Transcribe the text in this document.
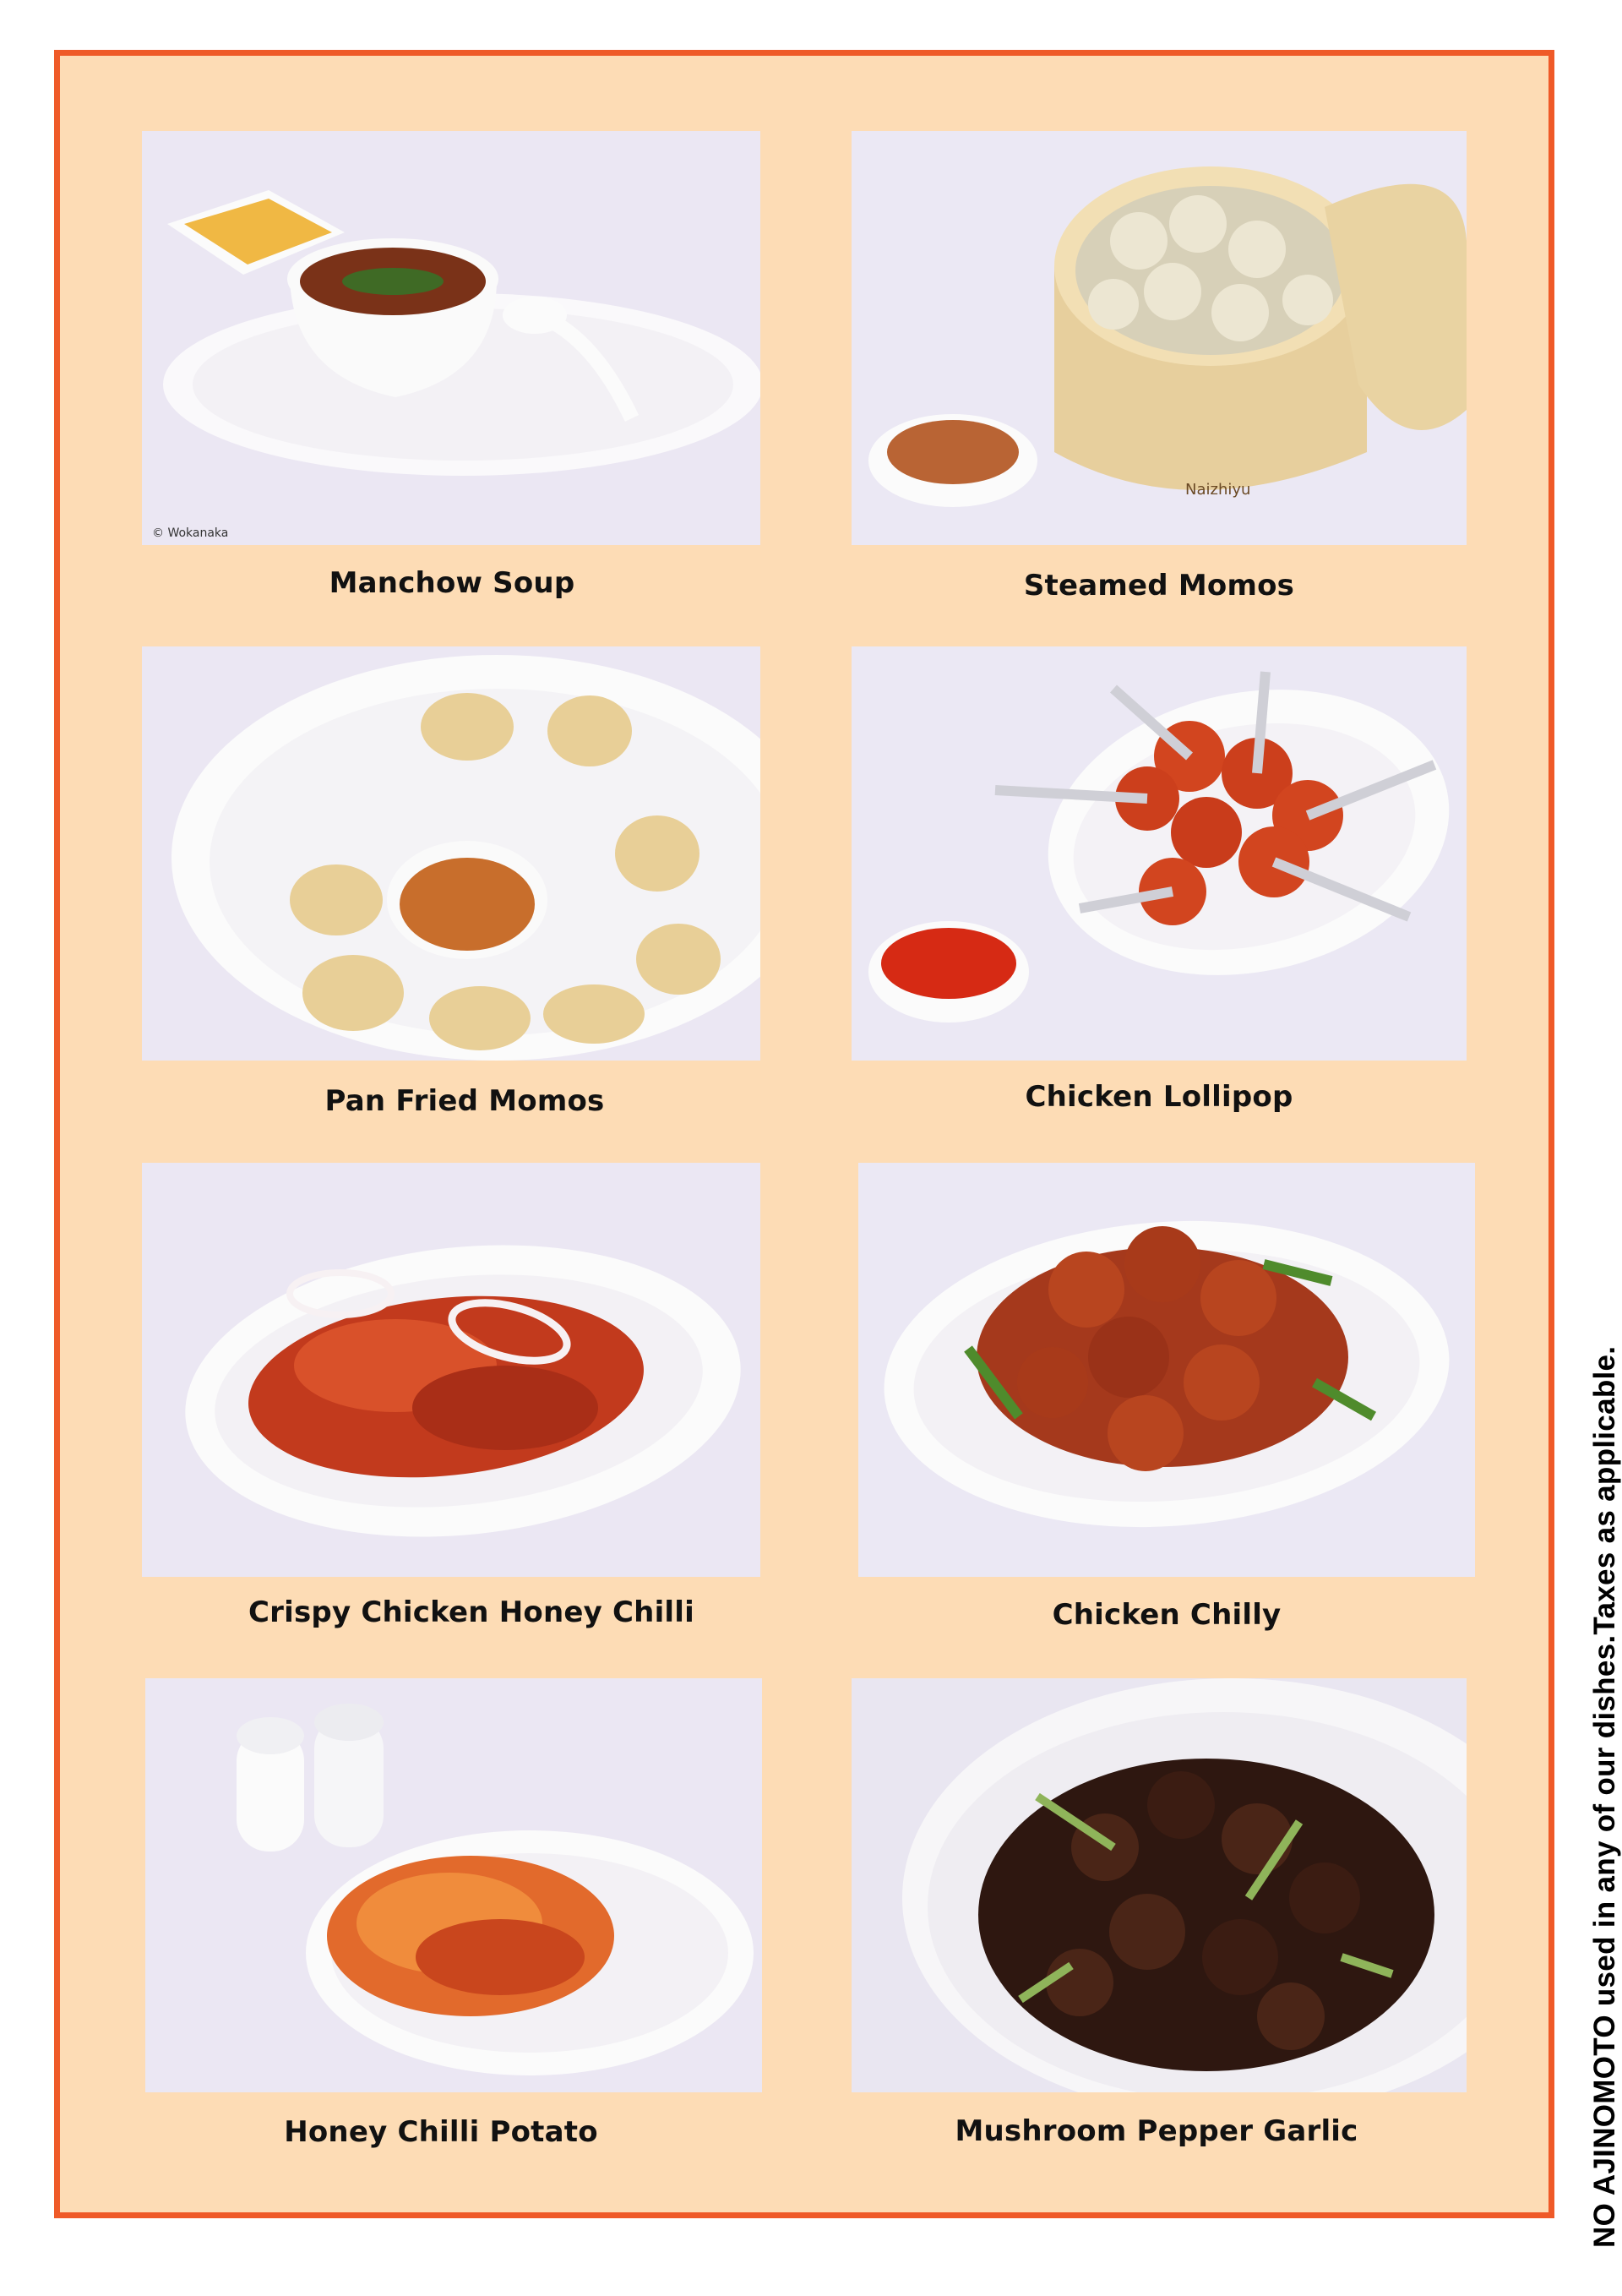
© Wokanaka
Manchow Soup
Naizhiyu
Steamed Momos
Pan Fried Momos	Chicken Lollipop
Crispy Chicken Honey Chilli	Chicken Chilly
Honey Chilli Potato	Mushroom Pepper Garlic	NO AJINOMOTO used in any of our dishes.Taxes as applicable.
